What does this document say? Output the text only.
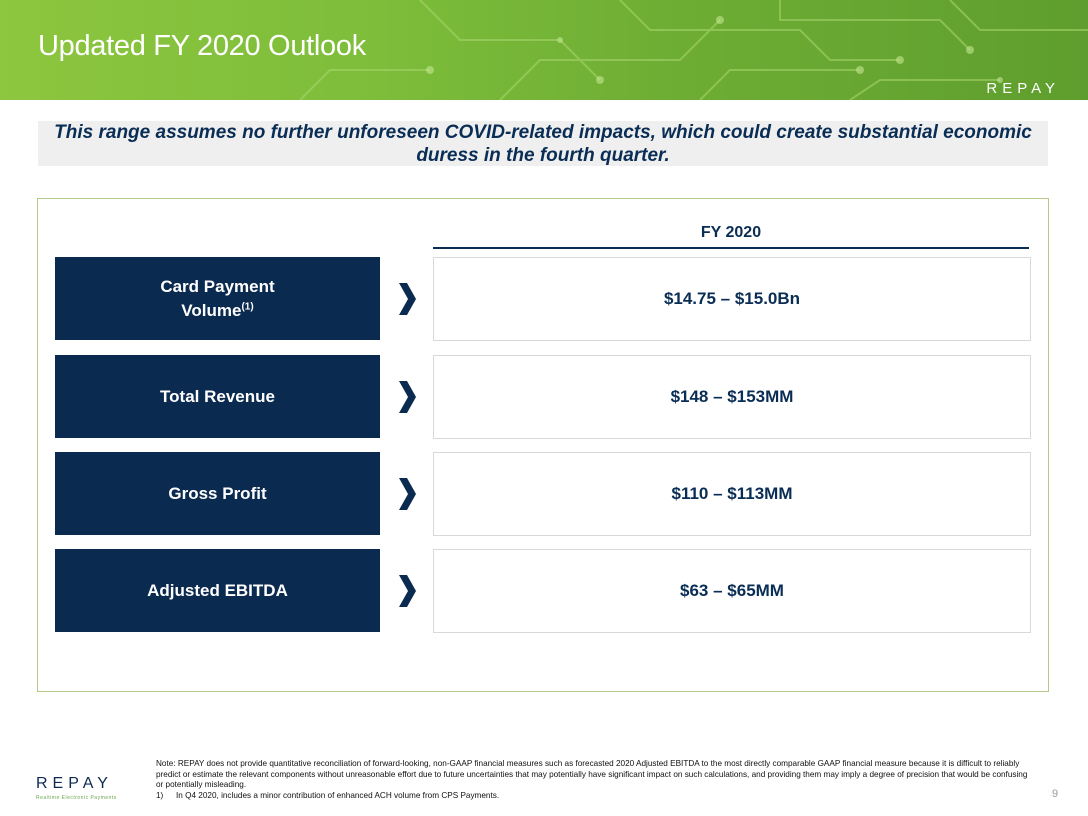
Updated FY 2020 Outlook
REPAY
This range assumes no further unforeseen COVID-related impacts, which could create substantial economic duress in the fourth quarter.
FY 2020
Card Payment
Volume$^{(1)}$	$14.75 – $15.0Bn
Total Revenue	$148 – $153MM
Gross Profit	$110 – $113MM
Adjusted EBITDA	$63 – $65MM
REPAY
Realtime Electronic Payments
Note: REPAY does not provide quantitative reconciliation of forward-looking, non-GAAP financial measures such as forecasted 2020 Adjusted EBITDA to the most directly comparable GAAP financial measure because it is difficult to reliably predict or estimate the relevant components without unreasonable effort due to future uncertainties that may potentially have significant impact on such calculations, and providing them may imply a degree of precision that would be confusing or potentially misleading.
1) In Q4 2020, includes a minor contribution of enhanced ACH volume from CPS Payments.	9
